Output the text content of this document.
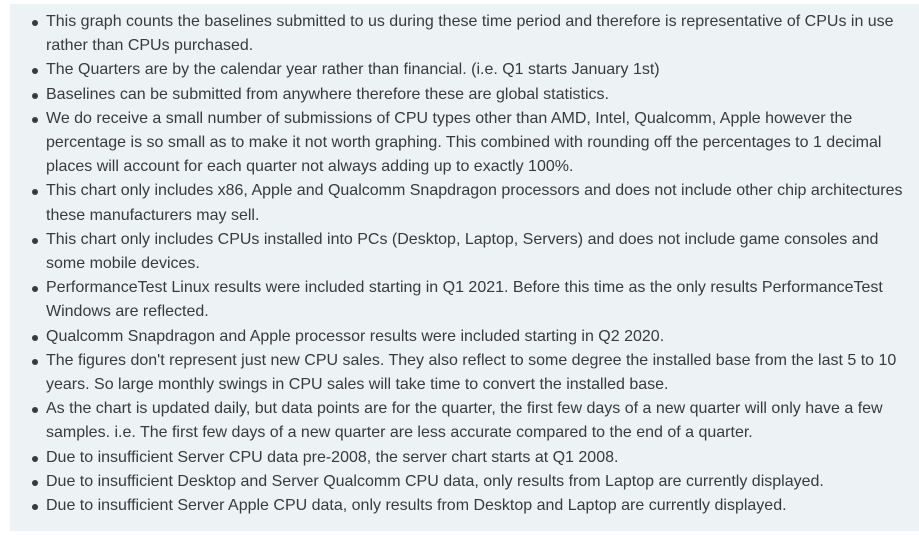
This graph counts the baselines submitted to us during these time period and therefore is representative of CPUs in use rather than CPUs purchased.
The Quarters are by the calendar year rather than financial. (i.e. Q1 starts January 1st)
Baselines can be submitted from anywhere therefore these are global statistics.
We do receive a small number of submissions of CPU types other than AMD, Intel, Qualcomm, Apple however the percentage is so small as to make it not worth graphing. This combined with rounding off the percentages to 1 decimal places will account for each quarter not always adding up to exactly 100%.
This chart only includes x86, Apple and Qualcomm Snapdragon processors and does not include other chip architectures these manufacturers may sell.
This chart only includes CPUs installed into PCs (Desktop, Laptop, Servers) and does not include game consoles and some mobile devices.
PerformanceTest Linux results were included starting in Q1 2021. Before this time as the only results PerformanceTest Windows are reflected.
Qualcomm Snapdragon and Apple processor results were included starting in Q2 2020.
The figures don't represent just new CPU sales. They also reflect to some degree the installed base from the last 5 to 10 years. So large monthly swings in CPU sales will take time to convert the installed base.
As the chart is updated daily, but data points are for the quarter, the first few days of a new quarter will only have a few samples. i.e. The first few days of a new quarter are less accurate compared to the end of a quarter.
Due to insufficient Server CPU data pre-2008, the server chart starts at Q1 2008.
Due to insufficient Desktop and Server Qualcomm CPU data, only results from Laptop are currently displayed.
Due to insufficient Server Apple CPU data, only results from Desktop and Laptop are currently displayed.
